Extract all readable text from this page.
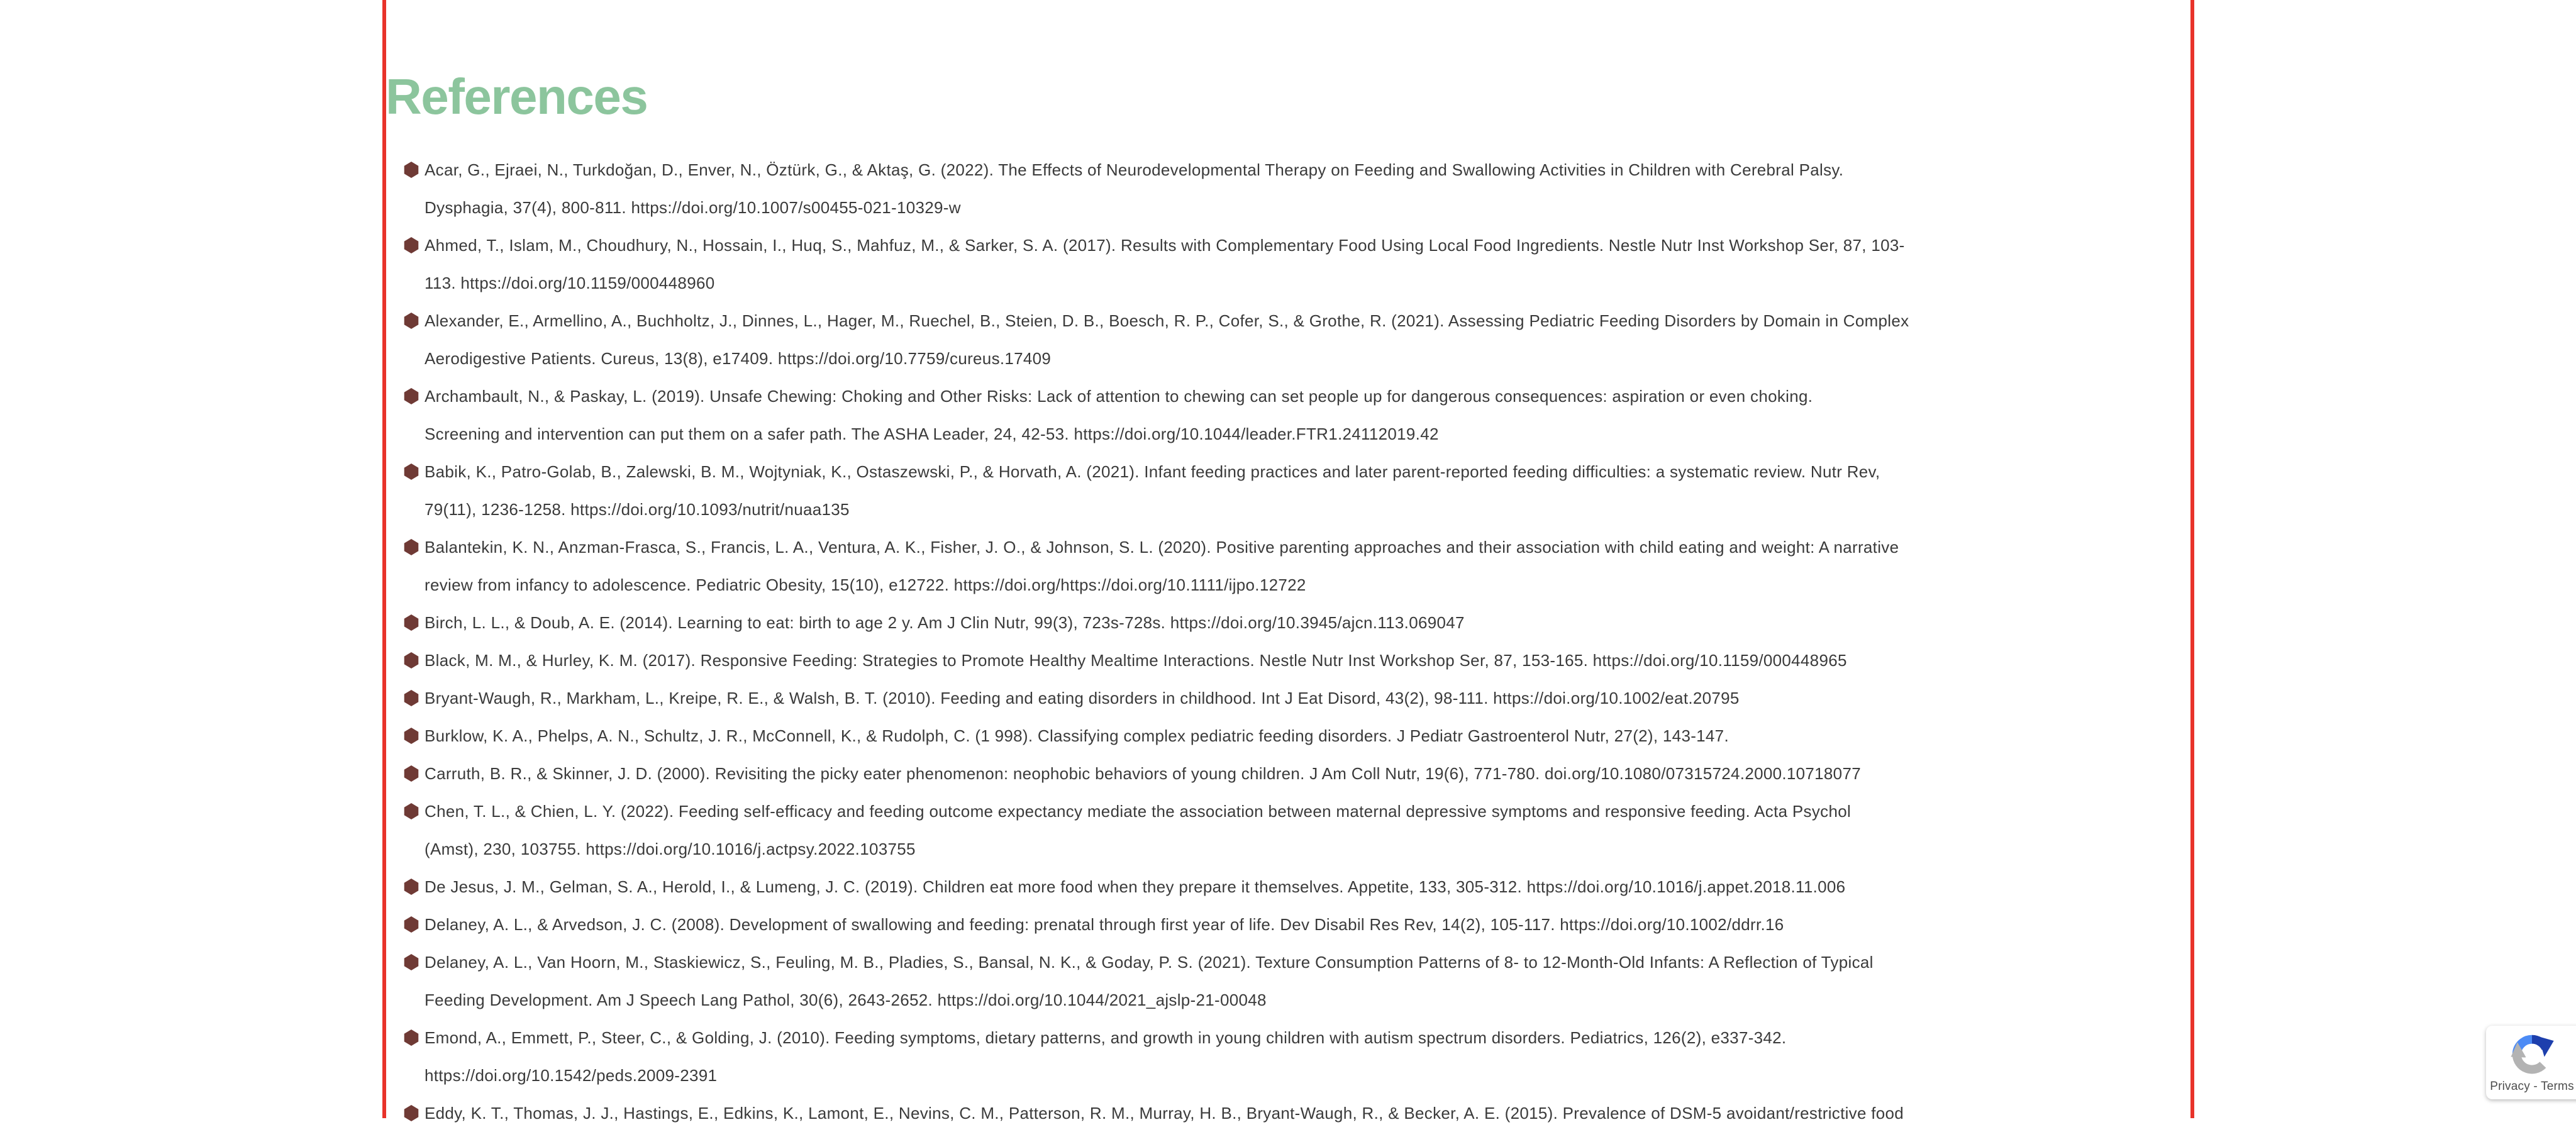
References
Acar, G., Ejraei, N., Turkdoğan, D., Enver, N., Öztürk, G., & Aktaş, G. (2022). The Effects of Neurodevelopmental Therapy on Feeding and Swallowing Activities in Children with Cerebral Palsy.
Dysphagia, 37(4), 800-811. https://doi.org/10.1007/s00455-021-10329-w
Ahmed, T., Islam, M., Choudhury, N., Hossain, I., Huq, S., Mahfuz, M., & Sarker, S. A. (2017). Results with Complementary Food Using Local Food Ingredients. Nestle Nutr Inst Workshop Ser, 87, 103-
113. https://doi.org/10.1159/000448960
Alexander, E., Armellino, A., Buchholtz, J., Dinnes, L., Hager, M., Ruechel, B., Steien, D. B., Boesch, R. P., Cofer, S., & Grothe, R. (2021). Assessing Pediatric Feeding Disorders by Domain in Complex
Aerodigestive Patients. Cureus, 13(8), e17409. https://doi.org/10.7759/cureus.17409
Archambault, N., & Paskay, L. (2019). Unsafe Chewing: Choking and Other Risks: Lack of attention to chewing can set people up for dangerous consequences: aspiration or even choking.
Screening and intervention can put them on a safer path. The ASHA Leader, 24, 42-53. https://doi.org/10.1044/leader.FTR1.24112019.42
Babik, K., Patro-Golab, B., Zalewski, B. M., Wojtyniak, K., Ostaszewski, P., & Horvath, A. (2021). Infant feeding practices and later parent-reported feeding difficulties: a systematic review. Nutr Rev,
79(11), 1236-1258. https://doi.org/10.1093/nutrit/nuaa135
Balantekin, K. N., Anzman-Frasca, S., Francis, L. A., Ventura, A. K., Fisher, J. O., & Johnson, S. L. (2020). Positive parenting approaches and their association with child eating and weight: A narrative
review from infancy to adolescence. Pediatric Obesity, 15(10), e12722. https://doi.org/https://doi.org/10.1111/ijpo.12722
Birch, L. L., & Doub, A. E. (2014). Learning to eat: birth to age 2 y. Am J Clin Nutr, 99(3), 723s-728s. https://doi.org/10.3945/ajcn.113.069047
Black, M. M., & Hurley, K. M. (2017). Responsive Feeding: Strategies to Promote Healthy Mealtime Interactions. Nestle Nutr Inst Workshop Ser, 87, 153-165. https://doi.org/10.1159/000448965
Bryant-Waugh, R., Markham, L., Kreipe, R. E., & Walsh, B. T. (2010). Feeding and eating disorders in childhood. Int J Eat Disord, 43(2), 98-111. https://doi.org/10.1002/eat.20795
Burklow, K. A., Phelps, A. N., Schultz, J. R., McConnell, K., & Rudolph, C. (1 998). Classifying complex pediatric feeding disorders. J Pediatr Gastroenterol Nutr, 27(2), 143-147.
Carruth, B. R., & Skinner, J. D. (2000). Revisiting the picky eater phenomenon: neophobic behaviors of young children. J Am Coll Nutr, 19(6), 771-780. doi.org/10.1080/07315724.2000.10718077
Chen, T. L., & Chien, L. Y. (2022). Feeding self-efficacy and feeding outcome expectancy mediate the association between maternal depressive symptoms and responsive feeding. Acta Psychol
(Amst), 230, 103755. https://doi.org/10.1016/j.actpsy.2022.103755
De Jesus, J. M., Gelman, S. A., Herold, I., & Lumeng, J. C. (2019). Children eat more food when they prepare it themselves. Appetite, 133, 305-312. https://doi.org/10.1016/j.appet.2018.11.006
Delaney, A. L., & Arvedson, J. C. (2008). Development of swallowing and feeding: prenatal through first year of life. Dev Disabil Res Rev, 14(2), 105-117. https://doi.org/10.1002/ddrr.16
Delaney, A. L., Van Hoorn, M., Staskiewicz, S., Feuling, M. B., Pladies, S., Bansal, N. K., & Goday, P. S. (2021). Texture Consumption Patterns of 8- to 12-Month-Old Infants: A Reflection of Typical
Feeding Development. Am J Speech Lang Pathol, 30(6), 2643-2652. https://doi.org/10.1044/2021_ajslp-21-00048
Emond, A., Emmett, P., Steer, C., & Golding, J. (2010). Feeding symptoms, dietary patterns, and growth in young children with autism spectrum disorders. Pediatrics, 126(2), e337-342.
https://doi.org/10.1542/peds.2009-2391
Eddy, K. T., Thomas, J. J., Hastings, E., Edkins, K., Lamont, E., Nevins, C. M., Patterson, R. M., Murray, H. B., Bryant-Waugh, R., & Becker, A. E. (2015). Prevalence of DSM-5 avoidant/restrictive food
Privacy - Terms
